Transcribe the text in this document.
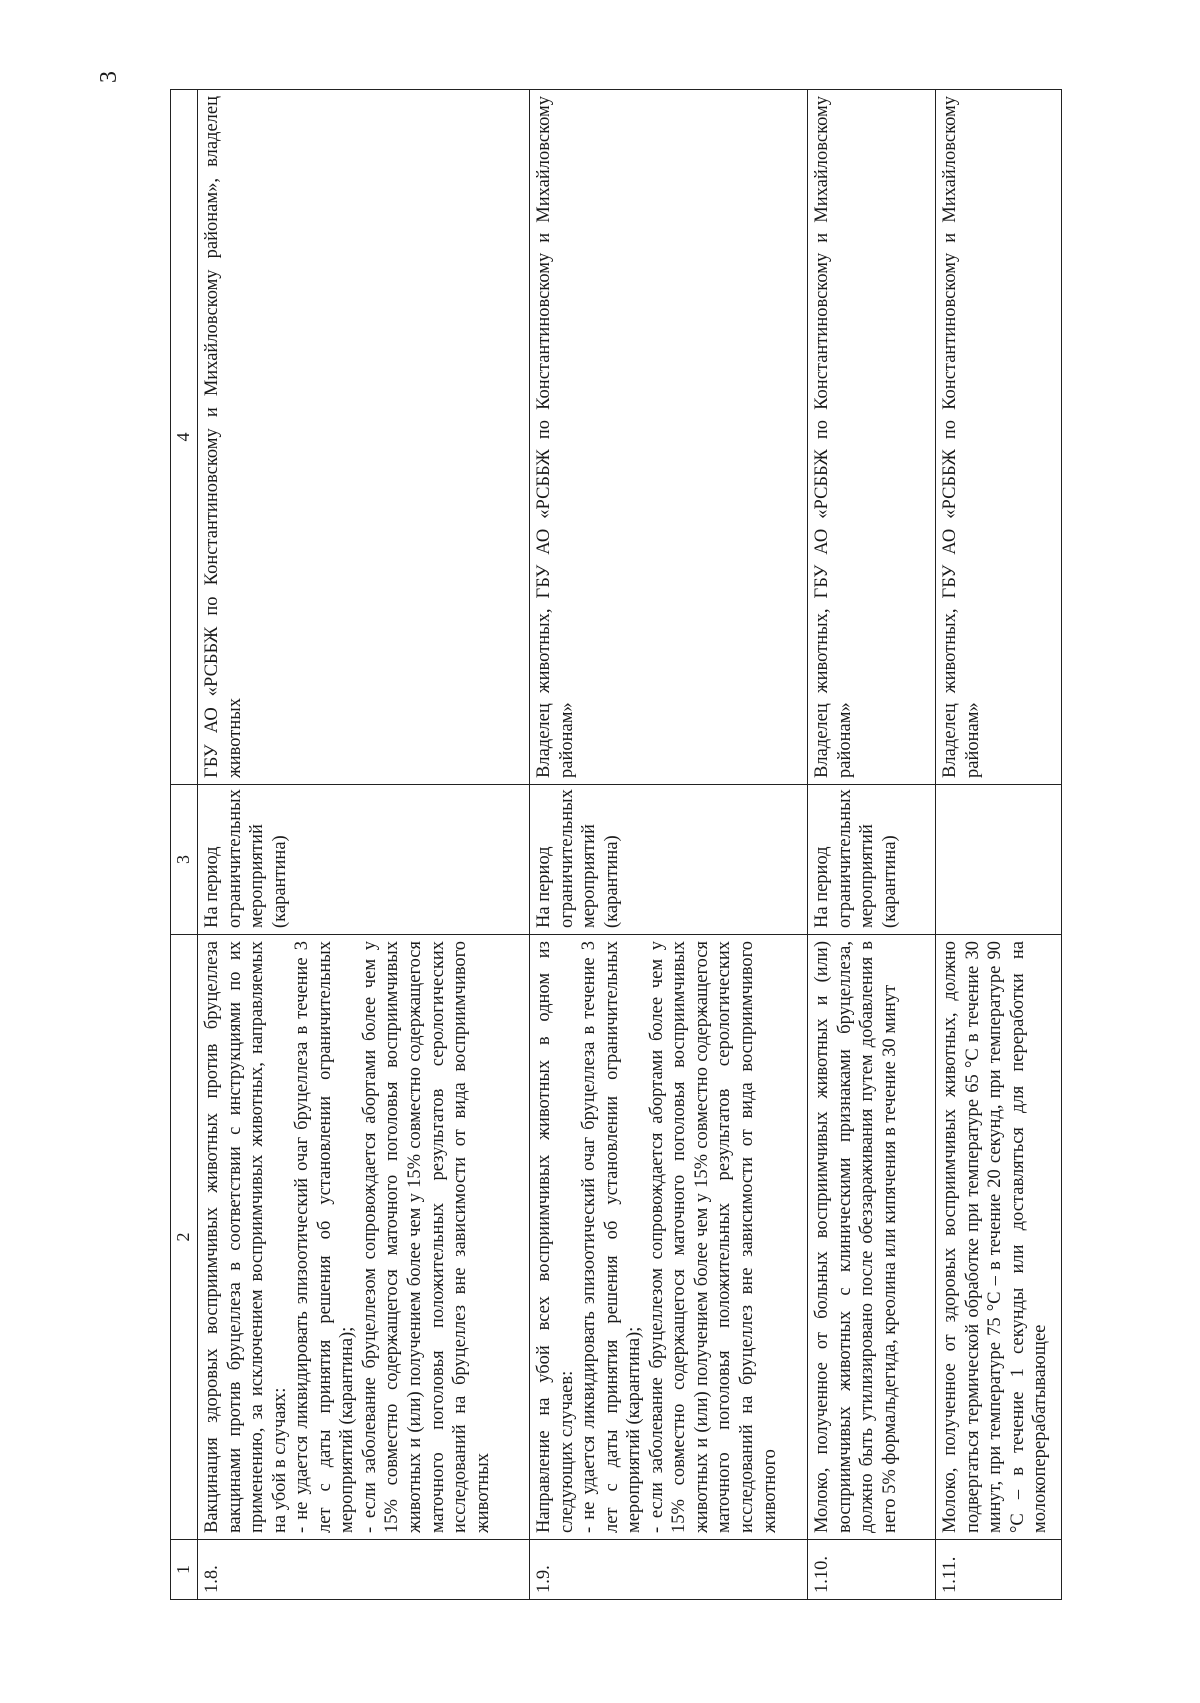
3
1	2	3	4
1.8.	Вакцинация здоровых восприимчивых животных против бруцеллеза вакцинами против бруцеллеза в соответствии с инструкциями по их применению, за исключением восприимчивых животных, направляемых на убой в случаях: - не удается ликвидировать эпизоотический очаг бруцеллеза в течение 3 лет с даты принятия решения об установлении ограничительных мероприятий (карантина); - если заболевание бруцеллезом сопровождается абортами более чем у 15% совместно содержащегося маточного поголовья восприимчивых животных и (или) получением более чем у 15% совместно содержащегося маточного поголовья положительных результатов серологических исследований на бруцеллез вне зависимости от вида восприимчивого животных	На период ограничительных мероприятий (карантина)	ГБУ АО «РСББЖ по Константиновскому и Михайловскому районам», владелец животных
1.9.	Направление на убой всех восприимчивых животных в одном из следующих случаев: - не удается ликвидировать эпизоотический очаг бруцеллеза в течение 3 лет с даты принятия решения об установлении ограничительных мероприятий (карантина); - если заболевание бруцеллезом сопровождается абортами более чем у 15% совместно содержащегося маточного поголовья восприимчивых животных и (или) получением более чем у 15% совместно содержащегося маточного поголовья положительных результатов серологических исследований на бруцеллез вне зависимости от вида восприимчивого животного	На период ограничительных мероприятий (карантина)	Владелец животных, ГБУ АО «РСББЖ по Константиновскому и Михайловскому районам»
1.10.	Молоко, полученное от больных восприимчивых животных и (или) восприимчивых животных с клиническими признаками бруцеллеза, должно быть утилизировано после обеззараживания путем добавления в него 5% формальдегида, креолина или кипячения в течение 30 минут	На период ограничительных мероприятий (карантина)	Владелец животных, ГБУ АО «РСББЖ по Константиновскому и Михайловскому районам»
1.11.	Молоко, полученное от здоровых восприимчивых животных, должно подвергаться термической обработке при температуре 65 °С в течение 30 минут, при температуре 75 °С – в течение 20 секунд, при температуре 90 °С – в течение 1 секунды или доставляться для переработки на молокоперерабатывающее		Владелец животных, ГБУ АО «РСББЖ по Константиновскому и Михайловскому районам»
